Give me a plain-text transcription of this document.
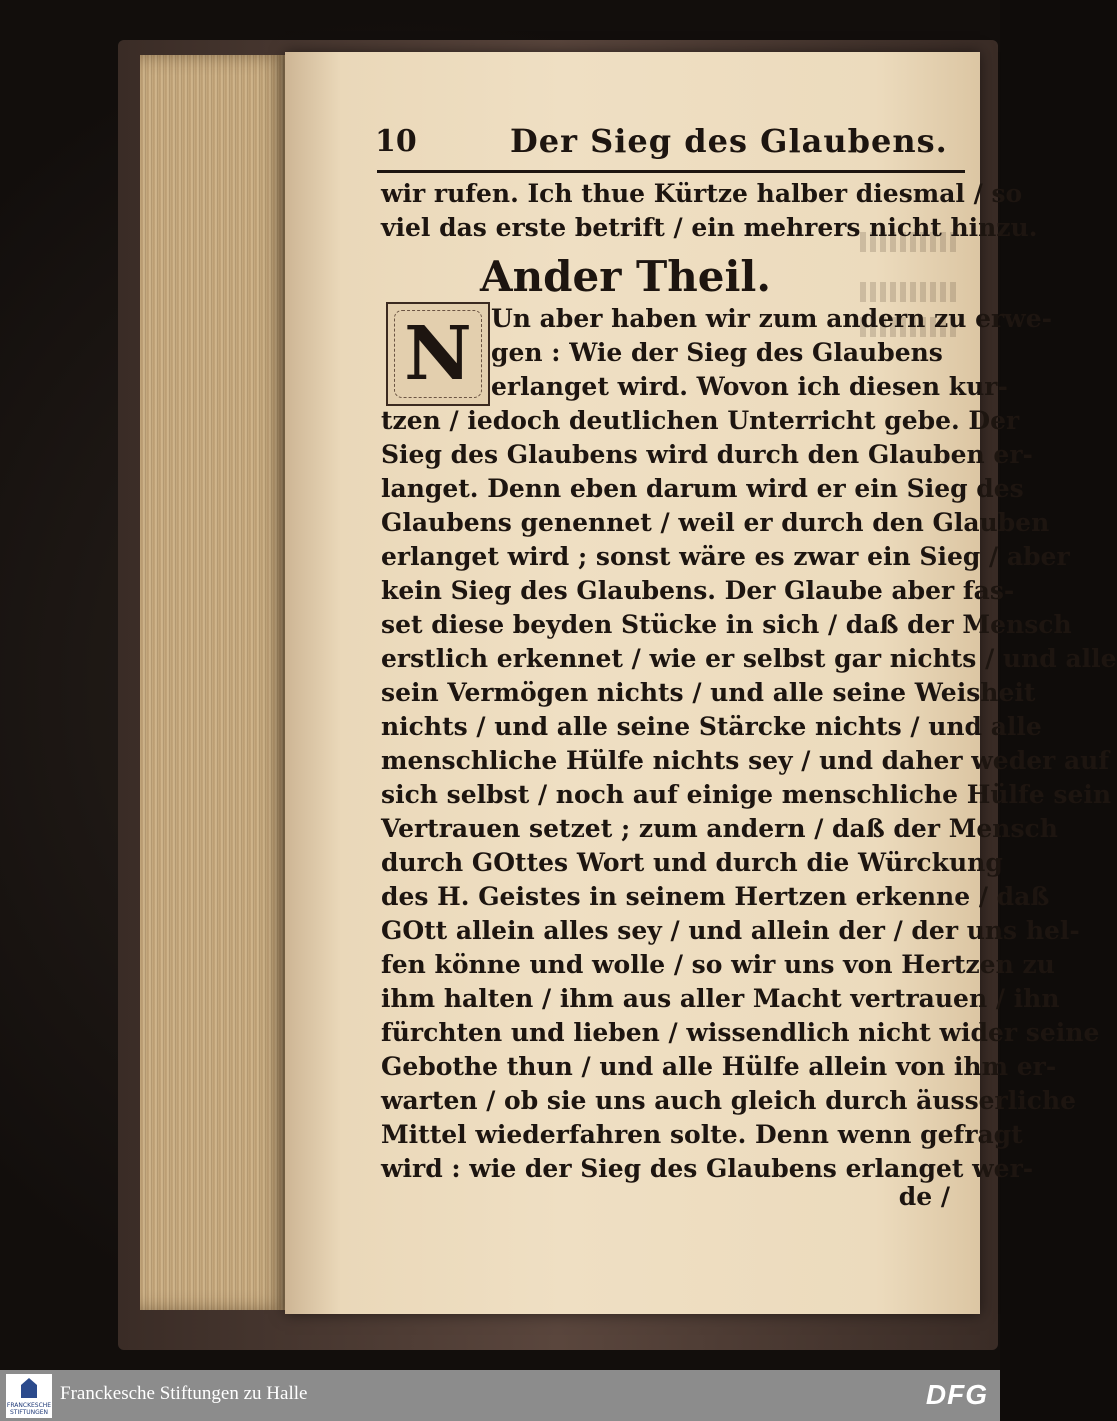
10	Der Sieg des Glaubens.
wir rufen. Ich thue Kürtze halber diesmal / so
viel das erste betrift / ein mehrers nicht hinzu.
Ander Theil.
N Un aber haben wir zum andern zu erwe-
gen : Wie der Sieg des Glaubens
erlanget wird. Wovon ich diesen kur-
tzen / iedoch deutlichen Unterricht gebe. Der
Sieg des Glaubens wird durch den Glauben er-
langet. Denn eben darum wird er ein Sieg des
Glaubens genennet / weil er durch den Glauben
erlanget wird ; sonst wäre es zwar ein Sieg / aber
kein Sieg des Glaubens. Der Glaube aber fas-
set diese beyden Stücke in sich / daß der Mensch
erstlich erkennet / wie er selbst gar nichts / und alle
sein Vermögen nichts / und alle seine Weisheit
nichts / und alle seine Stärcke nichts / und alle
menschliche Hülfe nichts sey / und daher weder auf
sich selbst / noch auf einige menschliche Hülfe sein
Vertrauen setzet ; zum andern / daß der Mensch
durch GOttes Wort und durch die Würckung
des H. Geistes in seinem Hertzen erkenne / daß
GOtt allein alles sey / und allein der / der uns hel-
fen könne und wolle / so wir uns von Hertzen zu
ihm halten / ihm aus aller Macht vertrauen / ihn
fürchten und lieben / wissendlich nicht wider seine
Gebothe thun / und alle Hülfe allein von ihm er-
warten / ob sie uns auch gleich durch äusserliche
Mittel wiederfahren solte. Denn wenn gefragt
wird : wie der Sieg des Glaubens erlanget wer-
de /
FRANCKESCHE STIFTUNGEN
Franckesche Stiftungen zu Halle	DFG
